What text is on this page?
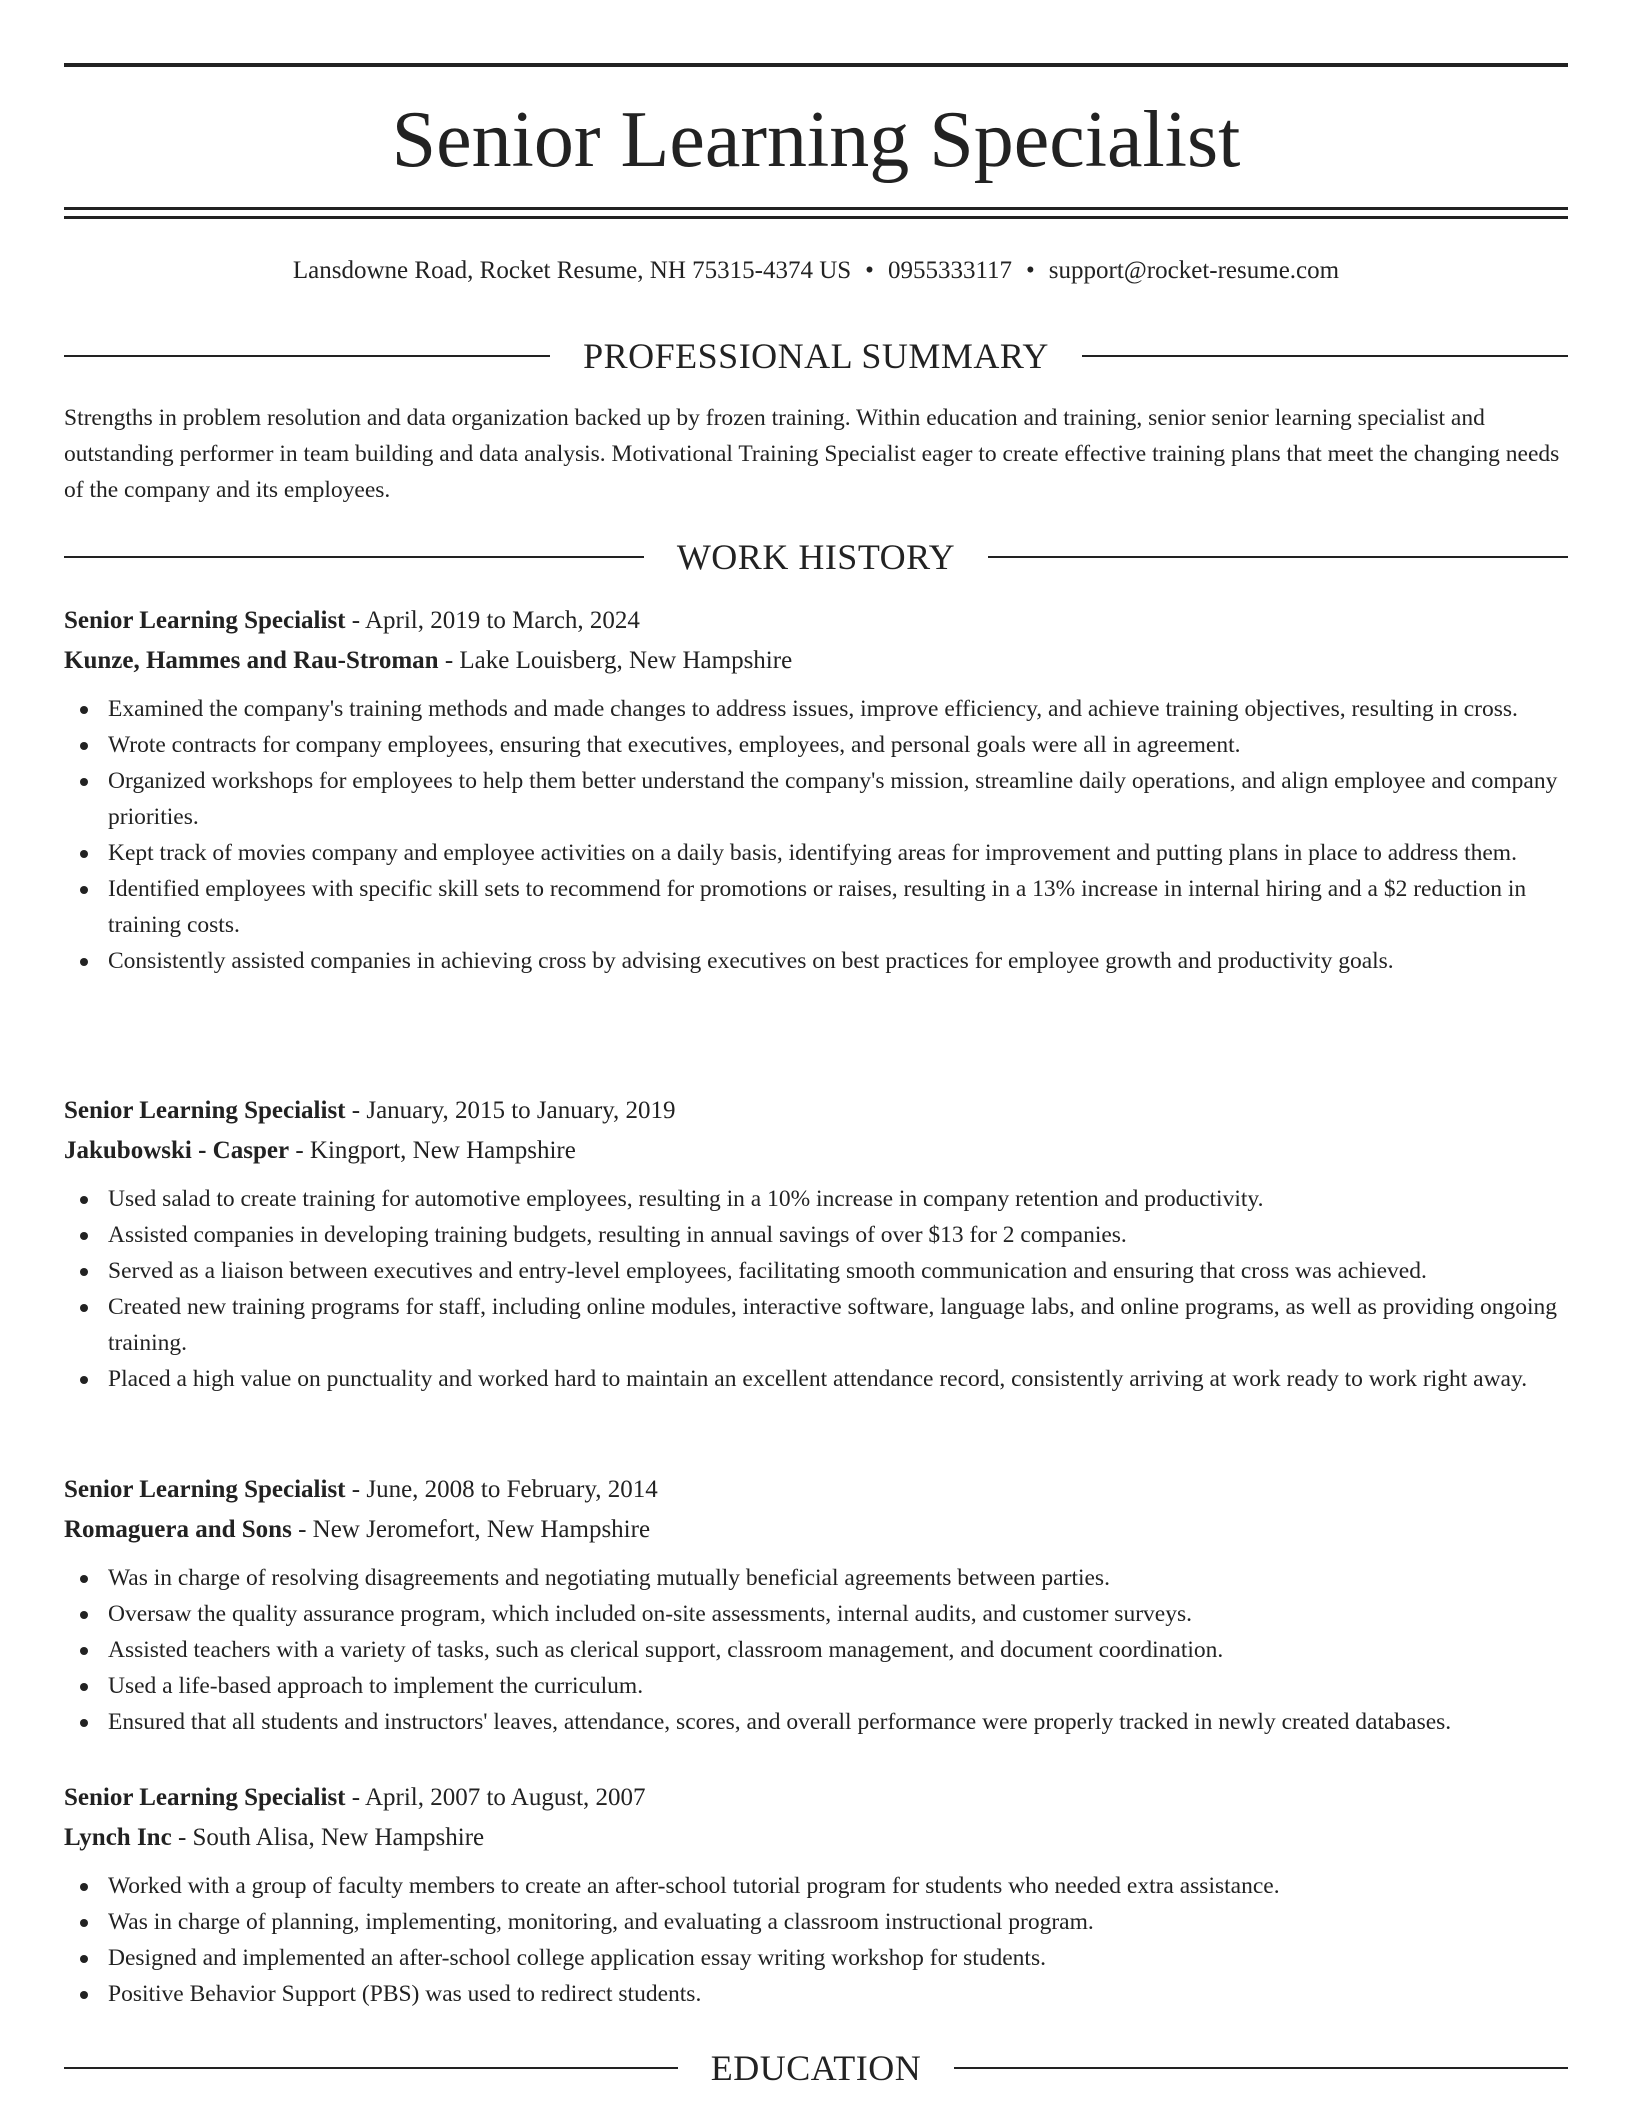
Senior Learning Specialist
Lansdowne Road, Rocket Resume, NH 75315-4374 US • 0955333117 • support@rocket-resume.com
PROFESSIONAL SUMMARY

Strengths in problem resolution and data organization backed up by frozen training. Within education and training, senior senior learning specialist and outstanding performer in team building and data analysis. Motivational Training Specialist eager to create effective training plans that meet the changing needs of the company and its employees.

WORK HISTORY
Senior Learning Specialist - April, 2019 to March, 2024
Kunze, Hammes and Rau-Stroman - Lake Louisberg, New Hampshire
Examined the company's training methods and made changes to address issues, improve efficiency, and achieve training objectives, resulting in cross.
Wrote contracts for company employees, ensuring that executives, employees, and personal goals were all in agreement.
Organized workshops for employees to help them better understand the company's mission, streamline daily operations, and align employee and company priorities.
Kept track of movies company and employee activities on a daily basis, identifying areas for improvement and putting plans in place to address them.
Identified employees with specific skill sets to recommend for promotions or raises, resulting in a 13% increase in internal hiring and a $2 reduction in training costs.
Consistently assisted companies in achieving cross by advising executives on best practices for employee growth and productivity goals.
Senior Learning Specialist - January, 2015 to January, 2019
Jakubowski - Casper - Kingport, New Hampshire
Used salad to create training for automotive employees, resulting in a 10% increase in company retention and productivity.
Assisted companies in developing training budgets, resulting in annual savings of over $13 for 2 companies.
Served as a liaison between executives and entry-level employees, facilitating smooth communication and ensuring that cross was achieved.
Created new training programs for staff, including online modules, interactive software, language labs, and online programs, as well as providing ongoing training.
Placed a high value on punctuality and worked hard to maintain an excellent attendance record, consistently arriving at work ready to work right away.
Senior Learning Specialist - June, 2008 to February, 2014
Romaguera and Sons - New Jeromefort, New Hampshire
Was in charge of resolving disagreements and negotiating mutually beneficial agreements between parties.
Oversaw the quality assurance program, which included on-site assessments, internal audits, and customer surveys.
Assisted teachers with a variety of tasks, such as clerical support, classroom management, and document coordination.
Used a life-based approach to implement the curriculum.
Ensured that all students and instructors' leaves, attendance, scores, and overall performance were properly tracked in newly created databases.
Senior Learning Specialist - April, 2007 to August, 2007
Lynch Inc - South Alisa, New Hampshire
Worked with a group of faculty members to create an after-school tutorial program for students who needed extra assistance.
Was in charge of planning, implementing, monitoring, and evaluating a classroom instructional program.
Designed and implemented an after-school college application essay writing workshop for students.
Positive Behavior Support (PBS) was used to redirect students.
EDUCATION
